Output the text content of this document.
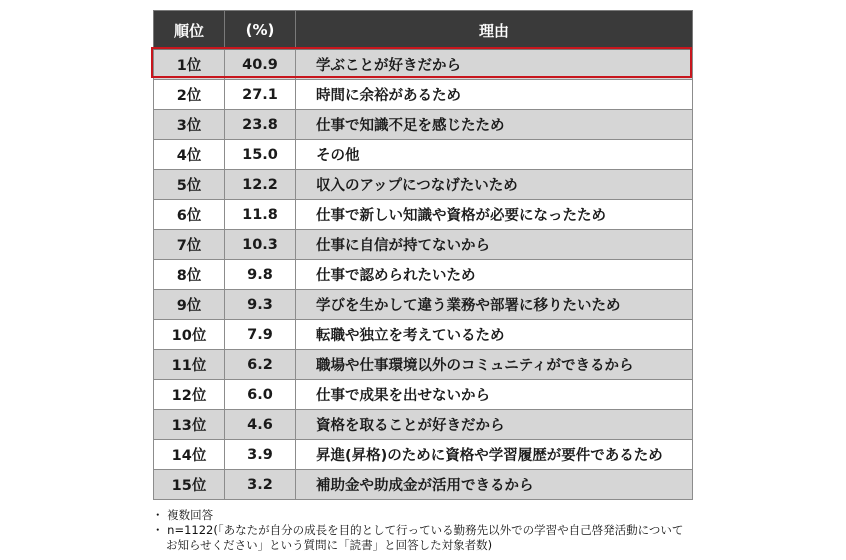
順位	(%)	理由
1位	40.9	学ぶことが好きだから
2位	27.1	時間に余裕があるため
3位	23.8	仕事で知識不足を感じたため
4位	15.0	その他
5位	12.2	収入のアップにつなげたいため
6位	11.8	仕事で新しい知識や資格が必要になったため
7位	10.3	仕事に自信が持てないから
8位	9.8	仕事で認められたいため
9位	9.3	学びを生かして違う業務や部署に移りたいため
10位	7.9	転職や独立を考えているため
11位	6.2	職場や仕事環境以外のコミュニティができるから
12位	6.0	仕事で成果を出せないから
13位	4.6	資格を取ることが好きだから
14位	3.9	昇進(昇格)のために資格や学習履歴が要件であるため
15位	3.2	補助金や助成金が活用できるから
・ 複数回答
・ n=1122(「あなたが自分の成長を目的として行っている勤務先以外での学習や自己啓発活動について
お知らせください」という質問に「読書」と回答した対象者数)
